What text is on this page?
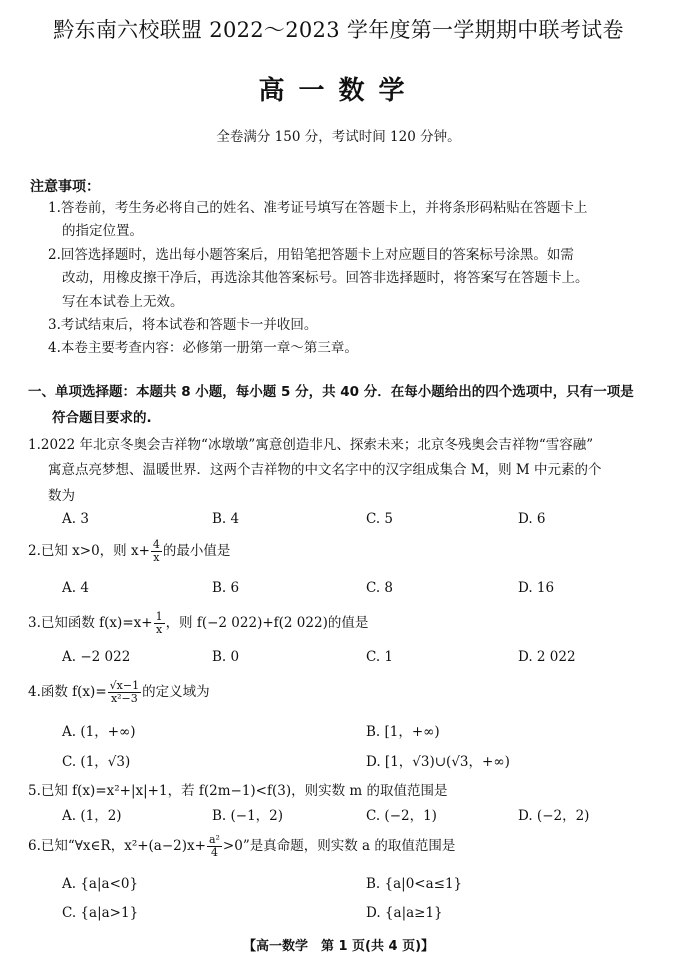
黔东南六校联盟 2022～2023 学年度第一学期期中联考试卷
高一数学
全卷满分 150 分，考试时间 120 分钟。
注意事项：
1.答卷前，考生务必将自己的姓名、准考证号填写在答题卡上，并将条形码粘贴在答题卡上
的指定位置。
2.回答选择题时，选出每小题答案后，用铅笔把答题卡上对应题目的答案标号涂黑。如需
改动，用橡皮擦干净后，再选涂其他答案标号。回答非选择题时，将答案写在答题卡上。
写在本试卷上无效。
3.考试结束后，将本试卷和答题卡一并收回。
4.本卷主要考查内容：必修第一册第一章～第三章。
一、单项选择题：本题共 8 小题，每小题 5 分，共 40 分．在每小题给出的四个选项中，只有一项是
符合题目要求的.
1.2022 年北京冬奥会吉祥物“冰墩墩”寓意创造非凡、探索未来；北京冬残奥会吉祥物“雪容融”
寓意点亮梦想、温暖世界．这两个吉祥物的中文名字中的汉字组成集合 M，则 M 中元素的个
数为
A. 3	B. 4	C. 5	D. 6
2.已知 x>0，则 $x+ \frac{4}{x}$ 的最小值是
A. 4	B. 6	C. 8	D. 16
3.已知函数 $f(x)=x+ \frac{1}{x}$ ，则 f(−2 022)+f(2 022)的值是
A. −2 022	B. 0	C. 1	D. 2 022
4.函数 $f(x)= \frac{√x-1}{\text{x²−3}}$ 的定义域为
A. (1，+∞)	B. [1，+∞)
C. (1，√3)	D. [1，√3)∪(√3，+∞)
5.已知 f(x)=x²+|x|+1，若 f(2m−1)<f(3)，则实数 m 的取值范围是
A. (1，2)	B. (−1，2)	C. (−2，1)	D. (−2，2)
6.已知“∀x∈R，$x^2+(a-2)x+ \frac{\text{a²}}{4} >0$”是真命题，则实数 a 的取值范围是
A. {a|a<0}	B. {a|0<a≤1}
C. {a|a>1}	D. {a|a≥1}
【高一数学　第 1 页(共 4 页)】
